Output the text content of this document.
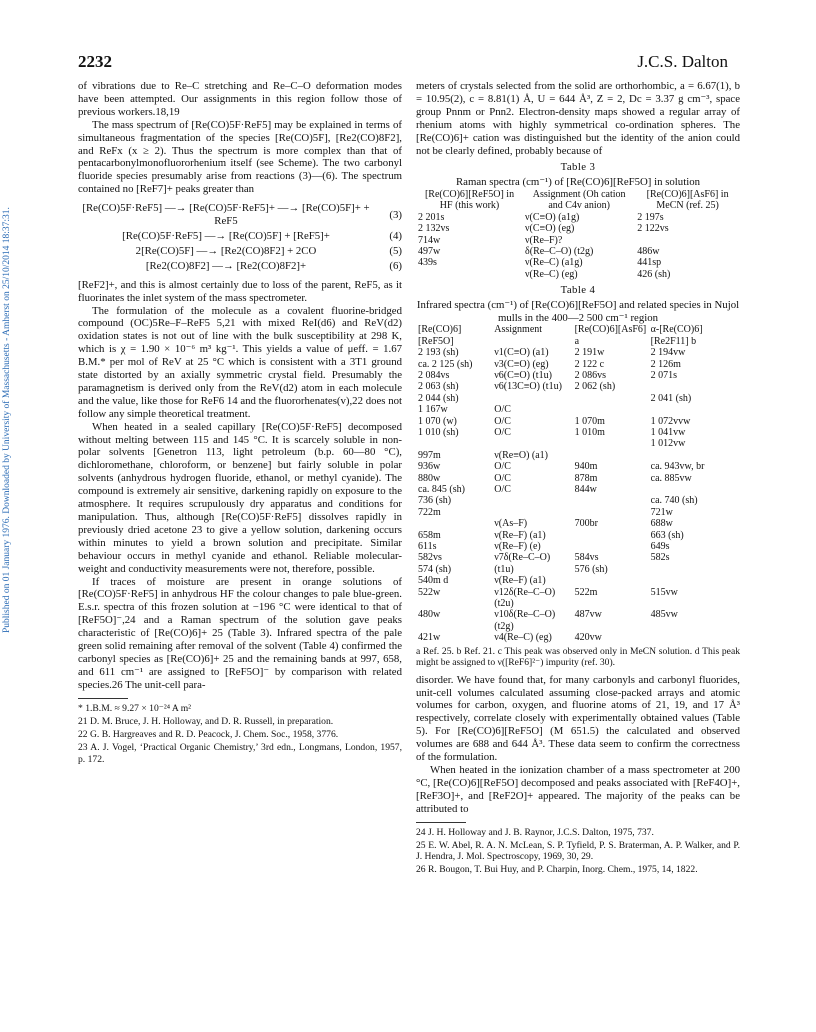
Published on 01 January 1976. Downloaded by University of Massachusetts - Amherst on 25/10/2014 18:37:31.
2232	J.C.S. Dalton

of vibrations due to Re–C stretching and Re–C–O deformation modes have been attempted. Our assignments in this region follow those of previous workers.18,19

The mass spectrum of [Re(CO)5F·ReF5] may be explained in terms of simultaneous fragmentation of the species [Re(CO)5F], [Re2(CO)8F2], and ReFx (x ≥ 2). Thus the spectrum is more complex than that of pentacarbonylmonofluororhenium itself (see Scheme). The two carbonyl fluoride species presumably arise from reactions (3)—(6). The spectrum contained no [ReF7]+ peaks greater than

[Re(CO)5F·ReF5] —→ [Re(CO)5F·ReF5]+ —→ [Re(CO)5F]+ + ReF5
(3)
[Re(CO)5F·ReF5] —→ [Re(CO)5F] + [ReF5]+	(4)
2[Re(CO)5F] —→ [Re2(CO)8F2] + 2CO	(5)
[Re2(CO)8F2] —→ [Re2(CO)8F2]+	(6)

[ReF2]+, and this is almost certainly due to loss of the parent, ReF5, as it fluorinates the inlet system of the mass spectrometer.

The formulation of the molecule as a covalent fluorine-bridged compound (OC)5Re–F–ReF5 5,21 with mixed ReI(d6) and ReV(d2) oxidation states is not out of line with the bulk susceptibility at 298 K, which is χ = 1.90 × 10⁻⁶ m³ kg⁻¹. This yields a value of μeff. = 1.67 B.M.* per mol of ReV at 25 °C which is consistent with a 3T1 ground state distorted by an axially symmetric crystal field. Presumably the paramagnetism is derived only from the ReV(d2) atom in each molecule and the value, like those for ReF6 14 and the fluororhenates(v),22 does not follow any simple theoretical treatment.

When heated in a sealed capillary [Re(CO)5F·ReF5] decomposed without melting between 115 and 145 °C. It is scarcely soluble in non-polar solvents [Genetron 113, light petroleum (b.p. 60—80 °C), dichloromethane, chloroform, or benzene] but fairly soluble in polar solvents (anhydrous hydrogen fluoride, ethanol, or methyl cyanide). The compound is extremely air sensitive, darkening rapidly on exposure to the atmosphere. It requires scrupulously dry apparatus and conditions for manipulation. Thus, although [Re(CO)5F·ReF5] dissolves rapidly in previously dried acetone 23 to give a yellow solution, darkening occurs within minutes to yield a brown solution and precipitate. Similar behaviour occurs in methyl cyanide and ethanol. Reliable molecular-weight and conductivity measurements were not, therefore, possible.

If traces of moisture are present in orange solutions of [Re(CO)5F·ReF5] in anhydrous HF the colour changes to pale blue-green. E.s.r. spectra of this frozen solution at −196 °C were identical to that of [ReF5O]⁻,24 and a Raman spectrum of the solution gave peaks characteristic of [Re(CO)6]+ 25 (Table 3). Infrared spectra of the pale green solid remaining after removal of the solvent (Table 4) confirmed the carbonyl species as [Re(CO)6]+ 25 and the remaining bands at 997, 658, and 611 cm⁻¹ are assigned to [ReF5O]⁻ by comparison with related species.26 The unit-cell para-

* 1.B.M. ≈ 9.27 × 10⁻²⁴ A m²

21 D. M. Bruce, J. H. Holloway, and D. R. Russell, in preparation.

22 G. B. Hargreaves and R. D. Peacock, J. Chem. Soc., 1958, 3776.

23 A. J. Vogel, ‘Practical Organic Chemistry,’ 3rd edn., Longmans, London, 1957, p. 172.

meters of crystals selected from the solid are orthorhombic, a = 6.67(1), b = 10.95(2), c = 8.81(1) Å, U = 644 Å³, Z = 2, Dc = 3.37 g cm⁻³, space group Pnnm or Pnn2. Electron-density maps showed a regular array of rhenium atoms with highly symmetrical co-ordination spheres. The [Re(CO)6]+ cation was distinguished but the identity of the anion could not be clearly defined, probably because of

Table 3
Raman spectra (cm⁻¹) of [Re(CO)6][ReF5O] in solution
[Re(CO)6][ReF5O] in HF (this work)	Assignment (Oh cation and C4v anion)	[Re(CO)6][AsF6] in MeCN (ref. 25)
2 201s	ν(C≡O) (a1g)	2 197s
2 132vs	ν(C≡O) (eg)	2 122vs
714w	ν(Re–F)?	
497w	δ(Re–C–O) (t2g)	486w
439s	ν(Re–C) (a1g)	441sp
	ν(Re–C) (eg)	426 (sh)
Table 4
Infrared spectra (cm⁻¹) of [Re(CO)6][ReF5O] and related species in Nujol mulls in the 400—2 500 cm⁻¹ region
[Re(CO)6][ReF5O]	Assignment	[Re(CO)6][AsF6] a	α-[Re(CO)6][Re2F11] b
2 193 (sh)	ν1(C≡O) (a1)	2 191w	2 194vw
ca. 2 125 (sh)	ν3(C≡O) (eg)	2 122 c	2 126m
2 084vs	ν6(C≡O) (t1u)	2 086vs	2 071s
2 063 (sh)	ν6(13C≡O) (t1u)	2 062 (sh)	
2 044 (sh)			2 041 (sh)
1 167w	O/C		
1 070 (w)	O/C	1 070m	1 072vvw
1 010 (sh)	O/C	1 010m	1 041vw
			1 012vw
997m	ν(Re≡O) (a1)		
936w	O/C	940m	ca. 943vw, br
880w	O/C	878m	ca. 885vw
ca. 845 (sh)	O/C	844w	
736 (sh)			ca. 740 (sh)
722m			721w
	ν(As–F)	700br	688w
658m	ν(Re–F) (a1)		663 (sh)
611s	ν(Re–F) (e)		649s
582vs	ν7δ(Re–C–O)	584vs	582s
574 (sh)	(t1u)	576 (sh)	
540m d	ν(Re–F) (a1)		
522w	ν12δ(Re–C–O) (t2u)	522m	515vw
480w	ν10δ(Re–C–O) (t2g)	487vw	485vw
421w	ν4(Re–C) (eg)	420vw	

a Ref. 25. b Ref. 21. c This peak was observed only in MeCN solution. d This peak might be assigned to ν([ReF6]²⁻) impurity (ref. 30).

disorder. We have found that, for many carbonyls and carbonyl fluorides, unit-cell volumes calculated assuming close-packed arrays and atomic volumes for carbon, oxygen, and fluorine atoms of 21, 19, and 17 Å³ respectively, correlate closely with experimentally obtained values (Table 5). For [Re(CO)6][ReF5O] (M 651.5) the calculated and observed volumes are 688 and 644 Å³. These data seem to confirm the correctness of the formulation.

When heated in the ionization chamber of a mass spectrometer at 200 °C, [Re(CO)6][ReF5O] decomposed and peaks associated with [ReF4O]+, [ReF3O]+, and [ReF2O]+ appeared. The majority of the peaks can be attributed to

24 J. H. Holloway and J. B. Raynor, J.C.S. Dalton, 1975, 737.

25 E. W. Abel, R. A. N. McLean, S. P. Tyfield, P. S. Braterman, A. P. Walker, and P. J. Hendra, J. Mol. Spectroscopy, 1969, 30, 29.

26 R. Bougon, T. Bui Huy, and P. Charpin, Inorg. Chem., 1975, 14, 1822.
